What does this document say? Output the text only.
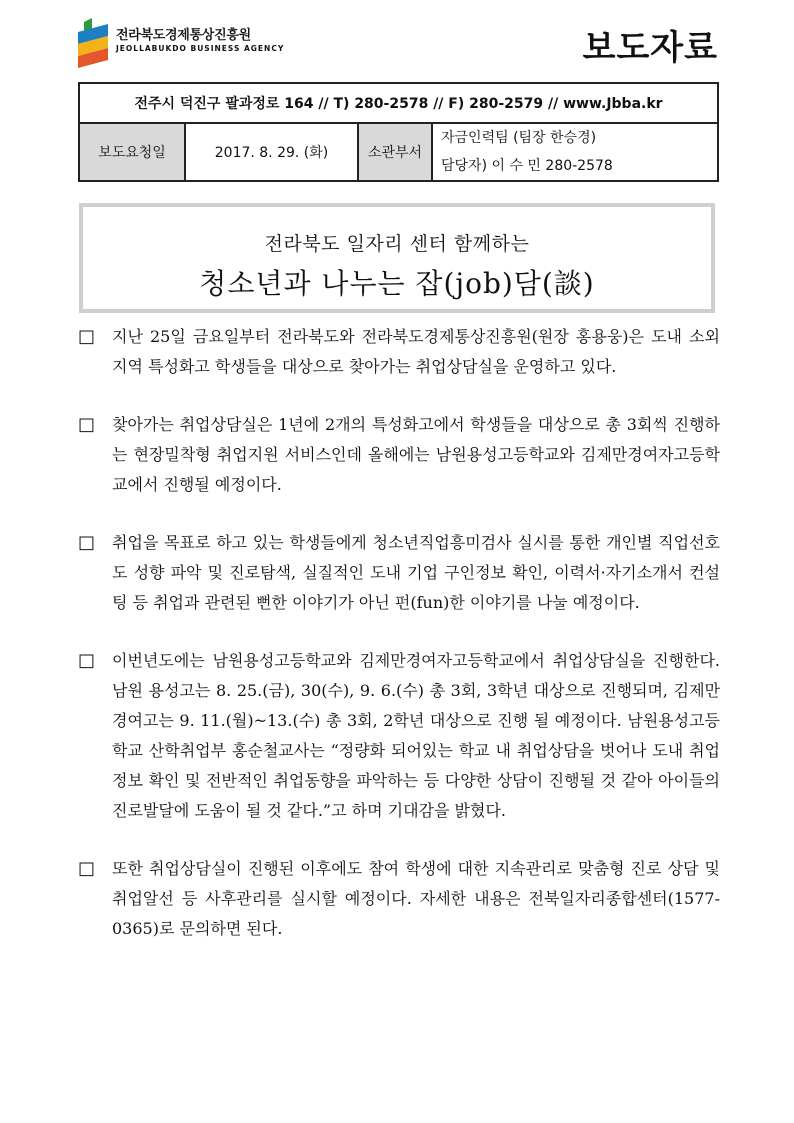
전라북도경제통상진흥원
JEOLLABUKDO BUSINESS AGENCY	보도자료
전주시 덕진구 팔과정로 164 // T) 280-2578 // F) 280-2579 // www.Jbba.kr
보도요청일	2017. 8. 29. (화)	소관부서	
자금인력팀 (팀장 한승경)
담당자) 이 수 민 280-2578
전라북도 일자리 센터 함께하는
청소년과 나누는 잡(job)담(談)
□ 지난 25일 금요일부터 전라북도와 전라북도경제통상진흥원(원장 홍용웅)은 도내 소외지역 특성화고 학생들을 대상으로 찾아가는 취업상담실을 운영하고 있다.
□ 찾아가는 취업상담실은 1년에 2개의 특성화고에서 학생들을 대상으로 총 3회씩 진행하는 현장밀착형 취업지원 서비스인데 올해에는 남원용성고등학교와 김제만경여자고등학교에서 진행될 예정이다.
□ 취업을 목표로 하고 있는 학생들에게 청소년직업흥미검사 실시를 통한 개인별 직업선호도 성향 파악 및 진로탐색, 실질적인 도내 기업 구인정보 확인, 이력서·자기소개서 컨설팅 등 취업과 관련된 뻔한 이야기가 아닌 펀(fun)한 이야기를 나눌 예정이다.
□ 이번년도에는 남원용성고등학교와 김제만경여자고등학교에서 취업상담실을 진행한다. 남원 용성고는 8. 25.(금), 30(수), 9. 6.(수) 총 3회, 3학년 대상으로 진행되며, 김제만경여고는 9. 11.(월)~13.(수) 총 3회, 2학년 대상으로 진행 될 예정이다. 남원용성고등학교 산학취업부 홍순철교사는 “정량화 되어있는 학교 내 취업상담을 벗어나 도내 취업정보 확인 및 전반적인 취업동향을 파악하는 등 다양한 상담이 진행될 것 같아 아이들의 진로발달에 도움이 될 것 같다.”고 하며 기대감을 밝혔다.
□ 또한 취업상담실이 진행된 이후에도 참여 학생에 대한 지속관리로 맞춤형 진로 상담 및 취업알선 등 사후관리를 실시할 예정이다. 자세한 내용은 전북일자리종합센터(1577-0365)로 문의하면 된다.
